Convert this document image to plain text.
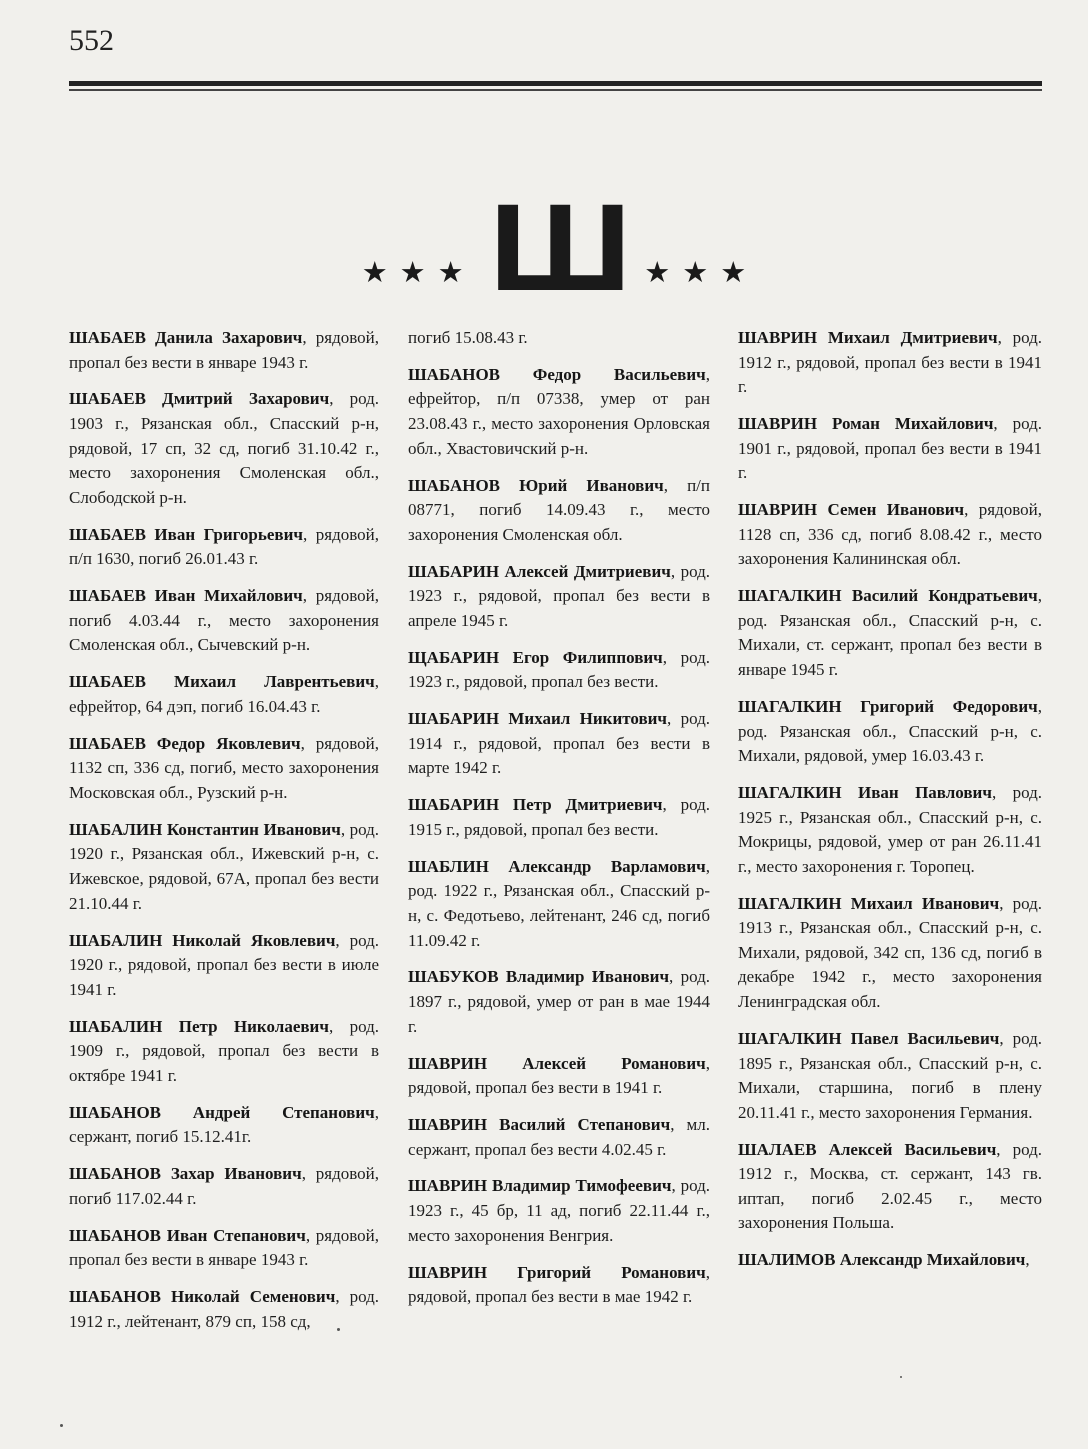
552
★★★ Ш ★★★
ШАБАЕВ Данила Захарович, рядовой, пропал без вести в январе 1943 г.
ШАБАЕВ Дмитрий Захарович, род. 1903 г., Рязанская обл., Спасский р-н, рядовой, 17 сп, 32 сд, погиб 31.10.42 г., место захоронения Смоленская обл., Слободской р-н.
ШАБАЕВ Иван Григорьевич, рядовой, п/п 1630, погиб 26.01.43 г.
ШАБАЕВ Иван Михайлович, рядовой, погиб 4.03.44 г., место захоронения Смоленская обл., Сычевский р-н.
ШАБАЕВ Михаил Лаврентьевич, ефрейтор, 64 дэп, погиб 16.04.43 г.
ШАБАЕВ Федор Яковлевич, рядовой, 1132 сп, 336 сд, погиб, место захоронения Московская обл., Рузский р-н.
ШАБАЛИН Константин Иванович, род. 1920 г., Рязанская обл., Ижевский р-н, с. Ижевское, рядовой, 67А, пропал без вести 21.10.44 г.
ШАБАЛИН Николай Яковлевич, род. 1920 г., рядовой, пропал без вести в июле 1941 г.
ШАБАЛИН Петр Николаевич, род. 1909 г., рядовой, пропал без вести в октябре 1941 г.
ШАБАНОВ Андрей Степанович, сержант, погиб 15.12.41г.
ШАБАНОВ Захар Иванович, рядовой, погиб 117.02.44 г.
ШАБАНОВ Иван Степанович, рядовой, пропал без вести в январе 1943 г.
ШАБАНОВ Николай Семенович, род. 1912 г., лейтенант, 879 сп, 158 сд,
погиб 15.08.43 г.
ШАБАНОВ Федор Васильевич, ефрейтор, п/п 07338, умер от ран 23.08.43 г., место захоронения Орловская обл., Хвастовичский р-н.
ШАБАНОВ Юрий Иванович, п/п 08771, погиб 14.09.43 г., место захоронения Смоленская обл.
ШАБАРИН Алексей Дмитриевич, род. 1923 г., рядовой, пропал без вести в апреле 1945 г.
ЩАБАРИН Егор Филиппович, род. 1923 г., рядовой, пропал без вести.
ШАБАРИН Михаил Никитович, род. 1914 г., рядовой, пропал без вести в марте 1942 г.
ШАБАРИН Петр Дмитриевич, род. 1915 г., рядовой, пропал без вести.
ШАБЛИН Александр Варламович, род. 1922 г., Рязанская обл., Спасский р-н, с. Федотьево, лейтенант, 246 сд, погиб 11.09.42 г.
ШАБУКОВ Владимир Иванович, род. 1897 г., рядовой, умер от ран в мае 1944 г.
ШАВРИН Алексей Романович, рядовой, пропал без вести в 1941 г.
ШАВРИН Василий Степанович, мл. сержант, пропал без вести 4.02.45 г.
ШАВРИН Владимир Тимофеевич, род. 1923 г., 45 бр, 11 ад, погиб 22.11.44 г., место захоронения Венгрия.
ШАВРИН Григорий Романович, рядовой, пропал без вести в мае 1942 г.
ШАВРИН Михаил Дмитриевич, род. 1912 г., рядовой, пропал без вести в 1941 г.
ШАВРИН Роман Михайлович, род. 1901 г., рядовой, пропал без вести в 1941 г.
ШАВРИН Семен Иванович, рядовой, 1128 сп, 336 сд, погиб 8.08.42 г., место захоронения Калининская обл.
ШАГАЛКИН Василий Кондратьевич, род. Рязанская обл., Спасский р-н, с. Михали, ст. сержант, пропал без вести в январе 1945 г.
ШАГАЛКИН Григорий Федорович, род. Рязанская обл., Спасский р-н, с. Михали, рядовой, умер 16.03.43 г.
ШАГАЛКИН Иван Павлович, род. 1925 г., Рязанская обл., Спасский р-н, с. Мокрицы, рядовой, умер от ран 26.11.41 г., место захоронения г. Торопец.
ШАГАЛКИН Михаил Иванович, род. 1913 г., Рязанская обл., Спасский р-н, с. Михали, рядовой, 342 сп, 136 сд, погиб в декабре 1942 г., место захоронения Ленинградская обл.
ШАГАЛКИН Павел Васильевич, род. 1895 г., Рязанская обл., Спасский р-н, с. Михали, старшина, погиб в плену 20.11.41 г., место захоронения Германия.
ШАЛАЕВ Алексей Васильевич, род. 1912 г., Москва, ст. сержант, 143 гв. иптап, погиб 2.02.45 г., место захоронения Польша.
ШАЛИМОВ Александр Михайлович,
